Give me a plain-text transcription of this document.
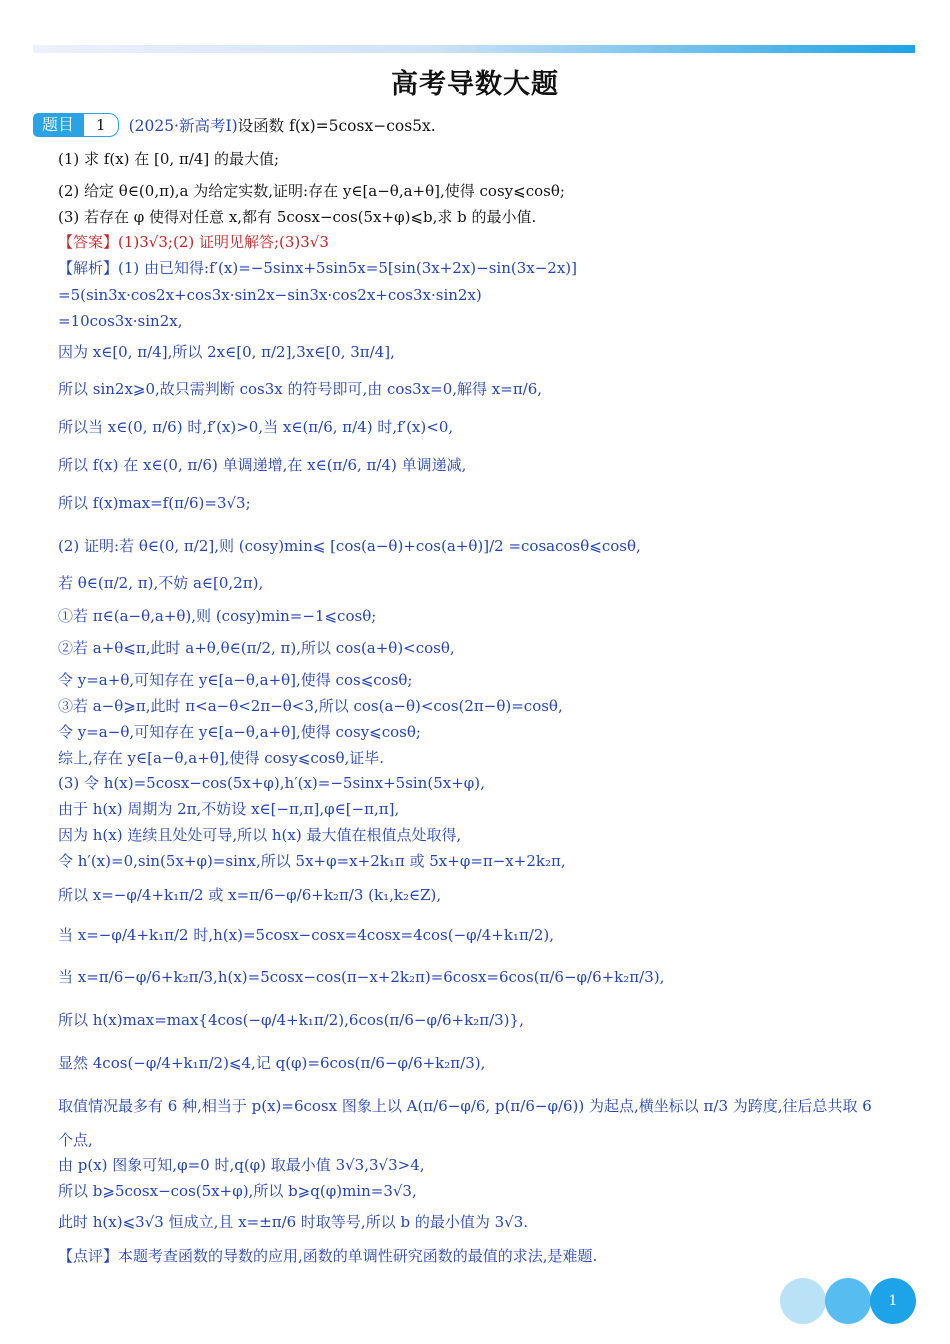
高考导数大题
题目	1	(2025·新高考Ⅰ)设函数 f(x)=5cosx−cos5x.
(1) 求 f(x) 在 [0, π/4] 的最大值;
(2) 给定 θ∈(0,π),a 为给定实数,证明:存在 y∈[a−θ,a+θ],使得 cosy⩽cosθ;
(3) 若存在 φ 使得对任意 x,都有 5cosx−cos(5x+φ)⩽b,求 b 的最小值.
【答案】(1)3√3;(2) 证明见解答;(3)3√3
【解析】(1) 由已知得:f′(x)=−5sinx+5sin5x=5[sin(3x+2x)−sin(3x−2x)]
=5(sin3x·cos2x+cos3x·sin2x−sin3x·cos2x+cos3x·sin2x)
=10cos3x·sin2x,
因为 x∈[0, π/4],所以 2x∈[0, π/2],3x∈[0, 3π/4],
所以 sin2x⩾0,故只需判断 cos3x 的符号即可,由 cos3x=0,解得 x=π/6,
所以当 x∈(0, π/6) 时,f′(x)>0,当 x∈(π/6, π/4) 时,f′(x)<0,
所以 f(x) 在 x∈(0, π/6) 单调递增,在 x∈(π/6, π/4) 单调递减,
所以 f(x)max=f(π/6)=3√3;
(2) 证明:若 θ∈(0, π/2],则 (cosy)min⩽ [cos(a−θ)+cos(a+θ)]/2 =cosacosθ⩽cosθ,
若 θ∈(π/2, π),不妨 a∈[0,2π),
①若 π∈(a−θ,a+θ),则 (cosy)min=−1⩽cosθ;
②若 a+θ⩽π,此时 a+θ,θ∈(π/2, π),所以 cos(a+θ)<cosθ,
令 y=a+θ,可知存在 y∈[a−θ,a+θ],使得 cos⩽cosθ;
③若 a−θ⩾π,此时 π<a−θ<2π−θ<3,所以 cos(a−θ)<cos(2π−θ)=cosθ,
令 y=a−θ,可知存在 y∈[a−θ,a+θ],使得 cosy⩽cosθ;
综上,存在 y∈[a−θ,a+θ],使得 cosy⩽cosθ,证毕.
(3) 令 h(x)=5cosx−cos(5x+φ),h′(x)=−5sinx+5sin(5x+φ),
由于 h(x) 周期为 2π,不妨设 x∈[−π,π],φ∈[−π,π],
因为 h(x) 连续且处处可导,所以 h(x) 最大值在根值点处取得,
令 h′(x)=0,sin(5x+φ)=sinx,所以 5x+φ=x+2k₁π 或 5x+φ=π−x+2k₂π,
所以 x=−φ/4+k₁π/2 或 x=π/6−φ/6+k₂π/3 (k₁,k₂∈Z),
当 x=−φ/4+k₁π/2 时,h(x)=5cosx−cosx=4cosx=4cos(−φ/4+k₁π/2),
当 x=π/6−φ/6+k₂π/3,h(x)=5cosx−cos(π−x+2k₂π)=6cosx=6cos(π/6−φ/6+k₂π/3),
所以 h(x)max=max{4cos(−φ/4+k₁π/2),6cos(π/6−φ/6+k₂π/3)},
显然 4cos(−φ/4+k₁π/2)⩽4,记 q(φ)=6cos(π/6−φ/6+k₂π/3),
取值情况最多有 6 种,相当于 p(x)=6cosx 图象上以 A(π/6−φ/6, p(π/6−φ/6)) 为起点,横坐标以 π/3 为跨度,往后总共取 6
个点,
由 p(x) 图象可知,φ=0 时,q(φ) 取最小值 3√3,3√3>4,
所以 b⩾5cosx−cos(5x+φ),所以 b⩾q(φ)min=3√3,
此时 h(x)⩽3√3 恒成立,且 x=±π/6 时取等号,所以 b 的最小值为 3√3.
【点评】本题考查函数的导数的应用,函数的单调性研究函数的最值的求法,是难题.
1
